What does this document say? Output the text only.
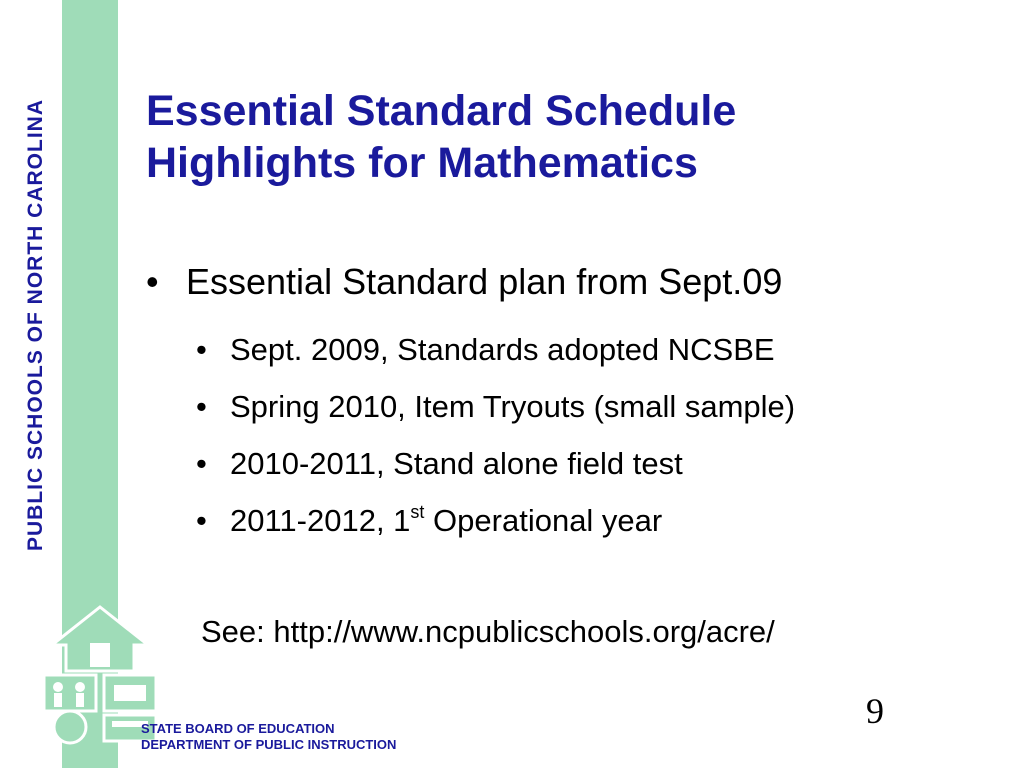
PUBLIC SCHOOLS OF NORTH CAROLINA Essential Standard Schedule
Highlights for Mathematics
• Essential Standard plan from Sept.09
• Sept. 2009, Standards adopted NCSBE
• Spring 2010, Item Tryouts (small sample)
• 2010-2011, Stand alone field test
• 2011-2012, 1st Operational year
See: http://www.ncpublicschools.org/acre/
9
STATE BOARD OF EDUCATION
DEPARTMENT OF PUBLIC INSTRUCTION
